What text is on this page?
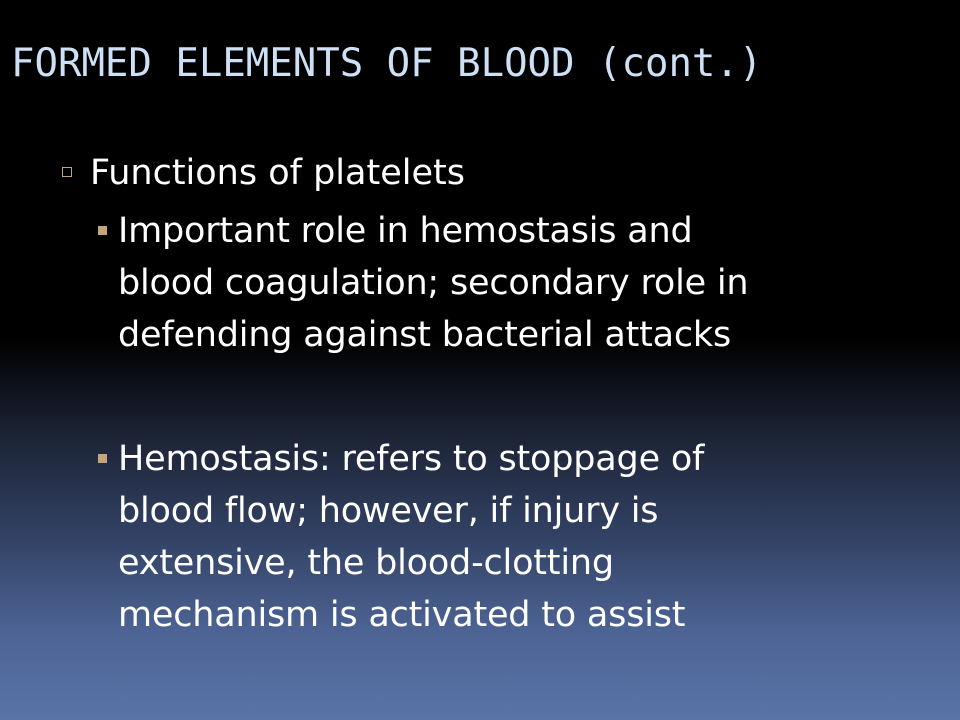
FORMED ELEMENTS OF BLOOD (cont.)
Functions of platelets
Important role in hemostasis and
blood coagulation; secondary role in
defending against bacterial attacks
Hemostasis: refers to stoppage of
blood flow; however, if injury is
extensive, the blood-clotting
mechanism is activated to assist
